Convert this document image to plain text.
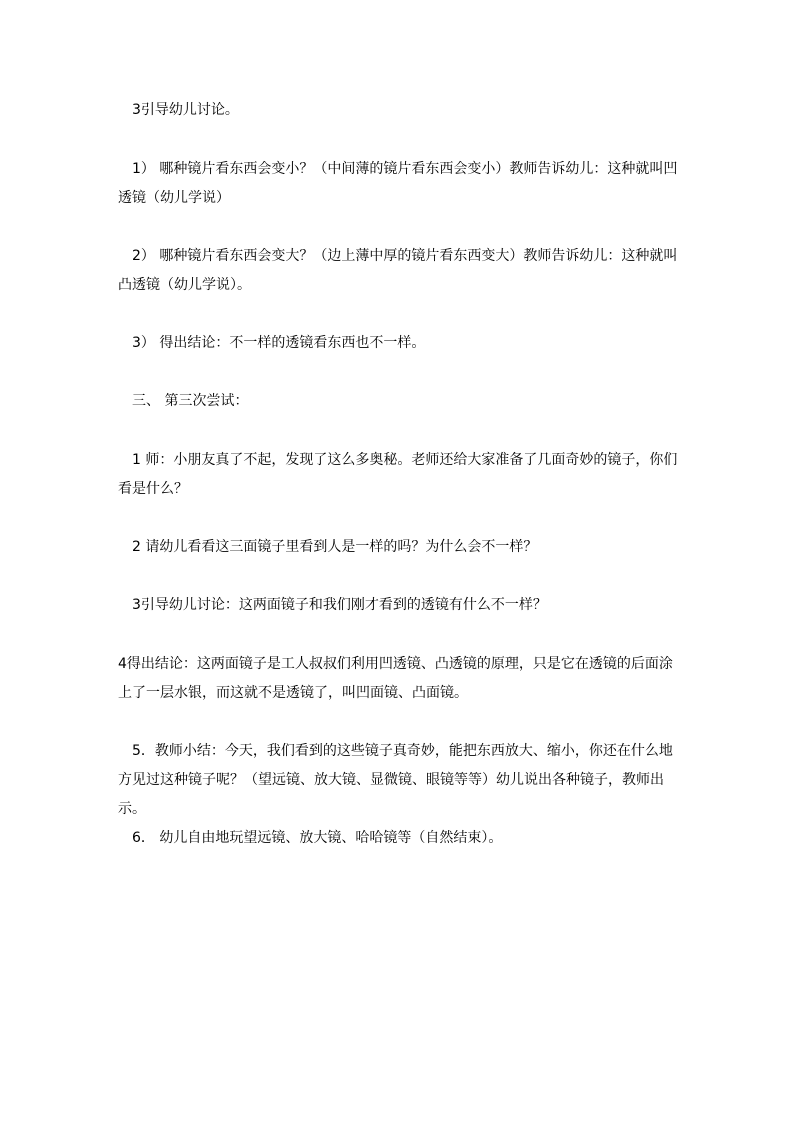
　3引导幼儿讨论。

　1） 哪种镜片看东西会变小？（中间薄的镜片看东西会变小）教师告诉幼儿：这种就叫凹透镜（幼儿学说）

　2） 哪种镜片看东西会变大？（边上薄中厚的镜片看东西变大）教师告诉幼儿：这种就叫凸透镜（幼儿学说）。

　3） 得出结论：不一样的透镜看东西也不一样。

　三、 第三次尝试：

　1 师：小朋友真了不起，发现了这么多奥秘。老师还给大家准备了几面奇妙的镜子，你们看是什么？

　2 请幼儿看看这三面镜子里看到人是一样的吗？为什么会不一样？

　3引导幼儿讨论：这两面镜子和我们刚才看到的透镜有什么不一样？

4得出结论：这两面镜子是工人叔叔们利用凹透镜、凸透镜的原理，只是它在透镜的后面涂上了一层水银，而这就不是透镜了，叫凹面镜、凸面镜。

　5．教师小结：今天，我们看到的这些镜子真奇妙，能把东西放大、缩小，你还在什么地方见过这种镜子呢？（望远镜、放大镜、显微镜、眼镜等等）幼儿说出各种镜子，教师出示。

　6． 幼儿自由地玩望远镜、放大镜、哈哈镜等（自然结束）。
